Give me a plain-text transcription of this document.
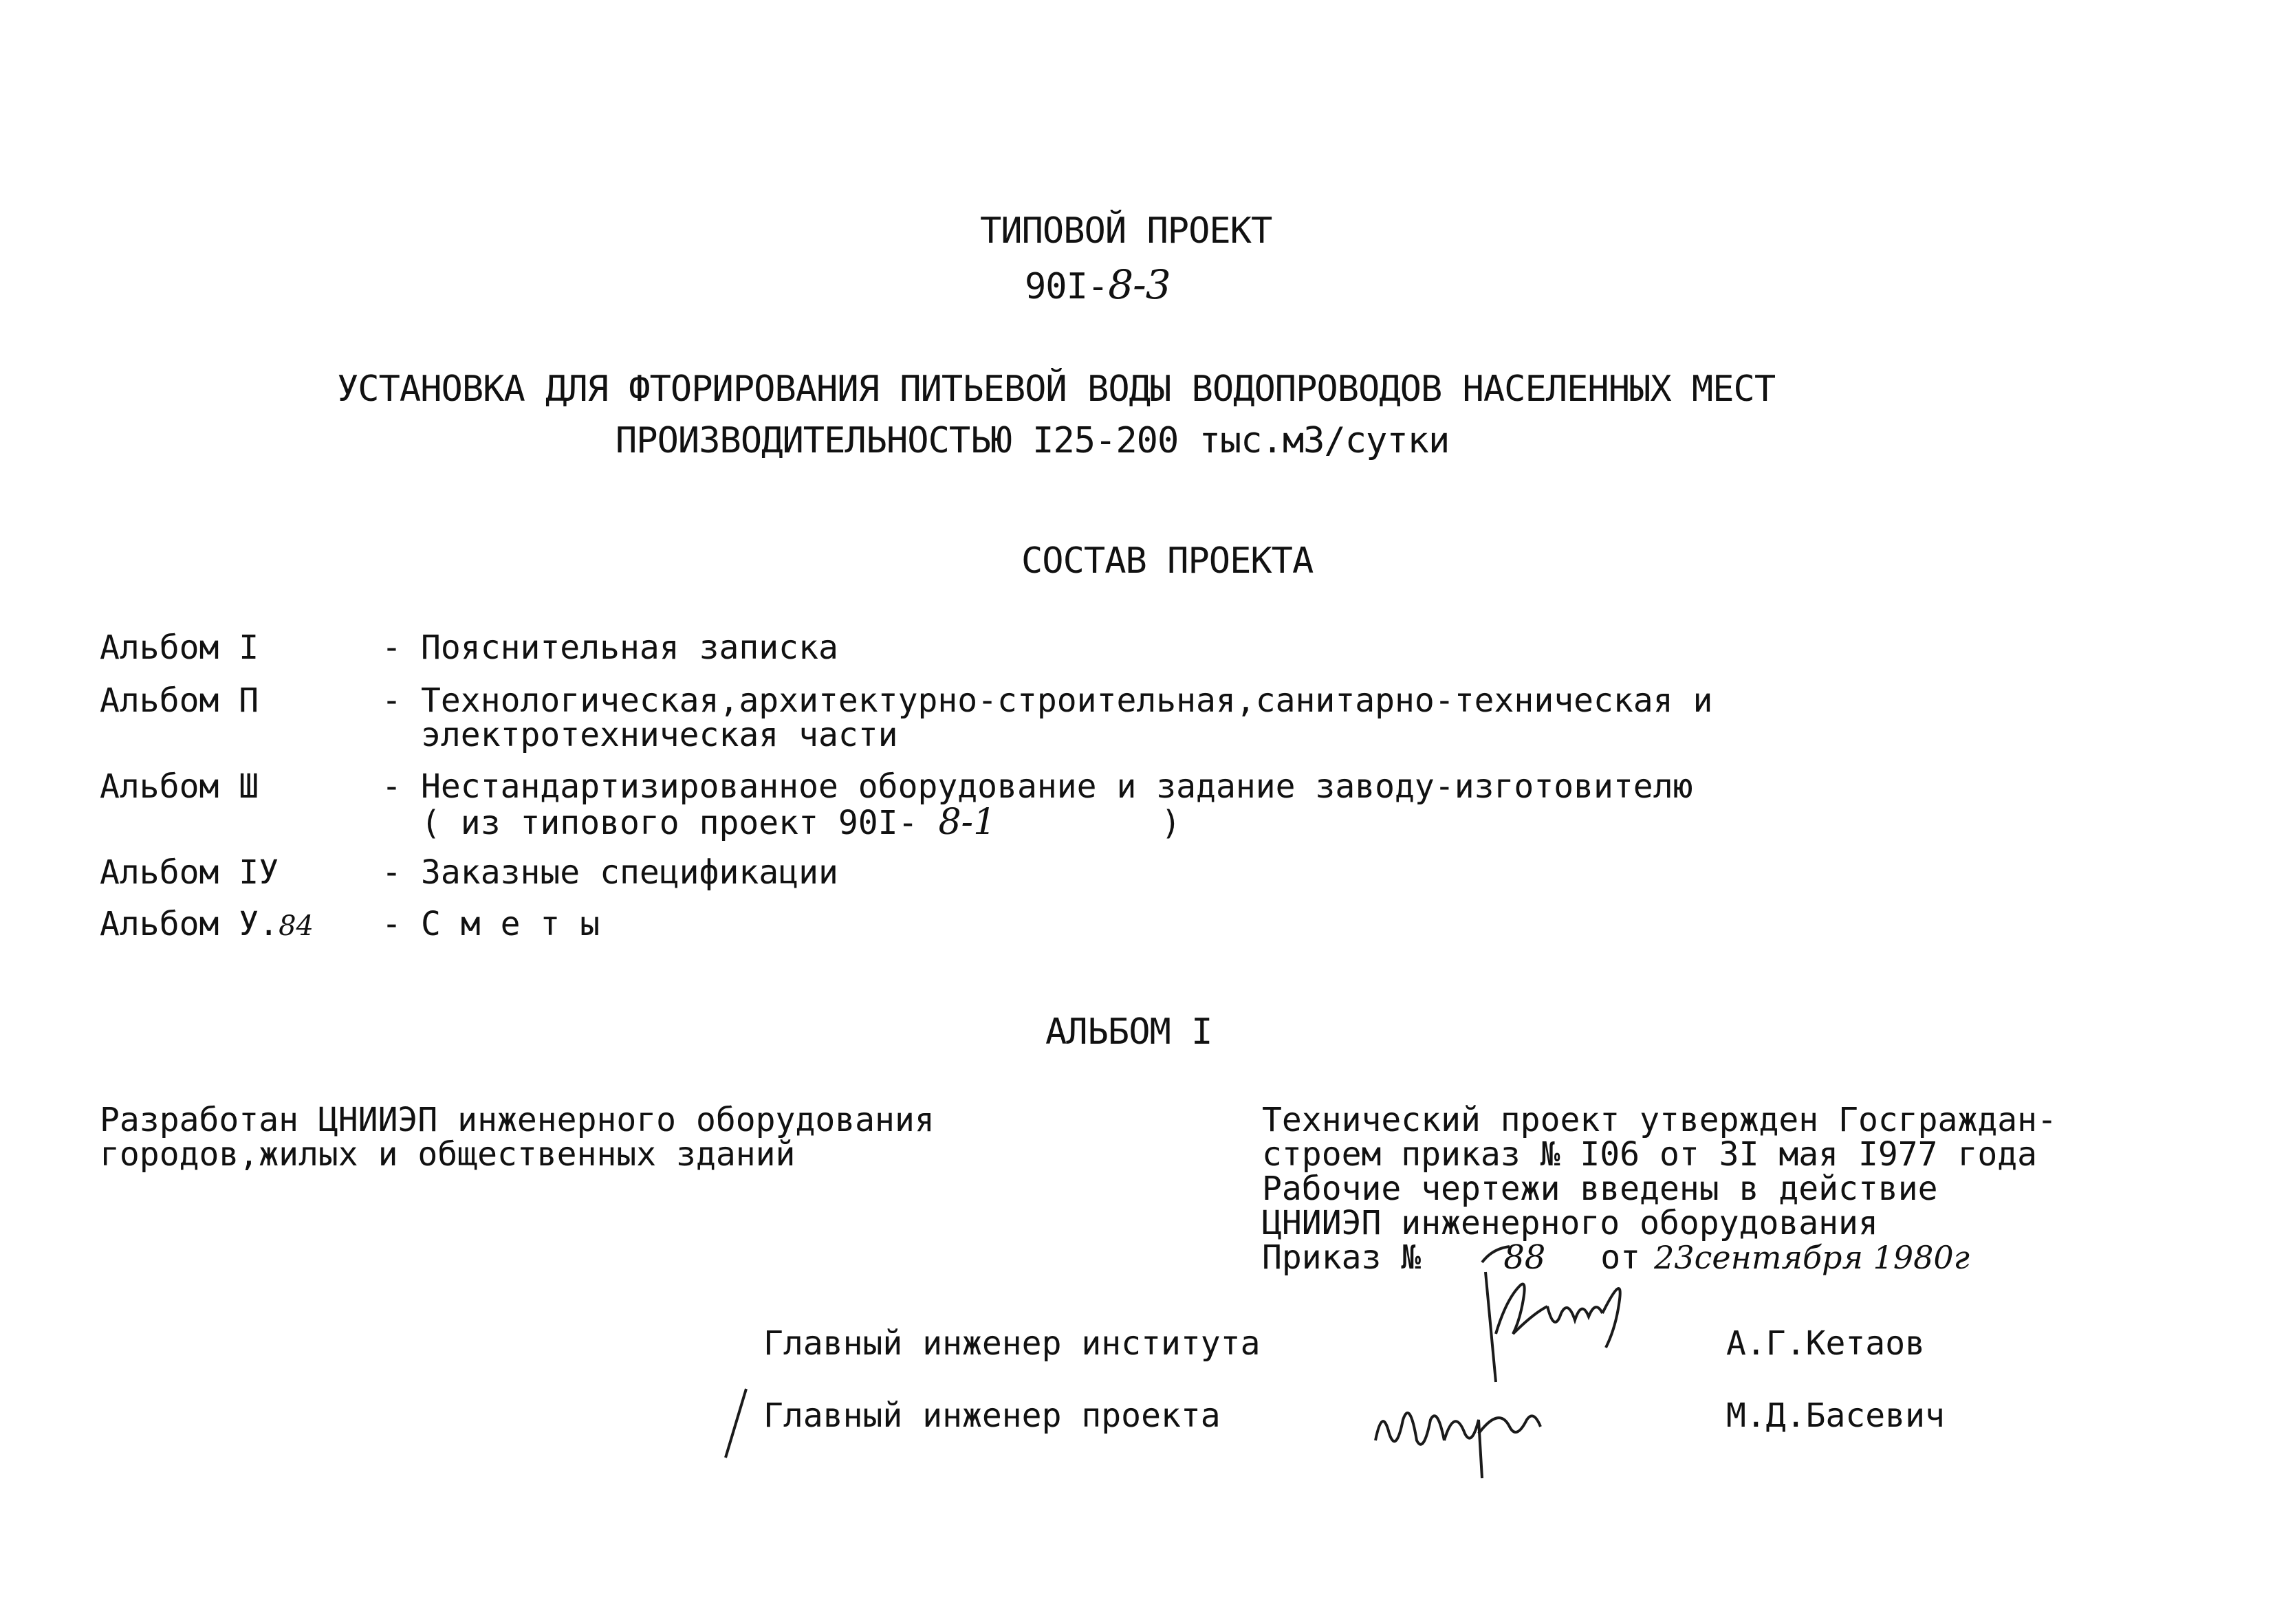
ТИПОВОЙ ПРОЕКТ
90I-8-3
УСТАНОВКА ДЛЯ ФТОРИРОВАНИЯ ПИТЬЕВОЙ ВОДЫ ВОДОПРОВОДОВ НАСЕЛЕННЫХ МЕСТ
ПРОИЗВОДИТЕЛЬНОСТЬЮ I25-200 тыс.м3/сутки
СОСТАВ ПРОЕКТА
Альбом I	- Пояснительная записка
Альбом П	- Технологическая,архитектурно-строительная,санитарно-техническая и
электротехническая части
Альбом Ш	- Нестандартизированное оборудование и задание заводу-изготовителю
( из типового проект 90I- 8-1	)
Альбом IУ	- Заказные спецификации
Альбом У.84 - С м е т ы
АЛЬБОМ I
Разработан ЦНИИЭП инженерного оборудования
городов,жилых и общественных зданий
Технический проект утвержден Госграждан-
строем приказ № I06 от 3I мая I977 года
Рабочие чертежи введены в действие
ЦНИИЭП инженерного оборудования
Приказ №	88 от 23сентября 1980г
Главный инженер института	А.Г.Кетаов
Главный инженер проекта	М.Д.Басевич
